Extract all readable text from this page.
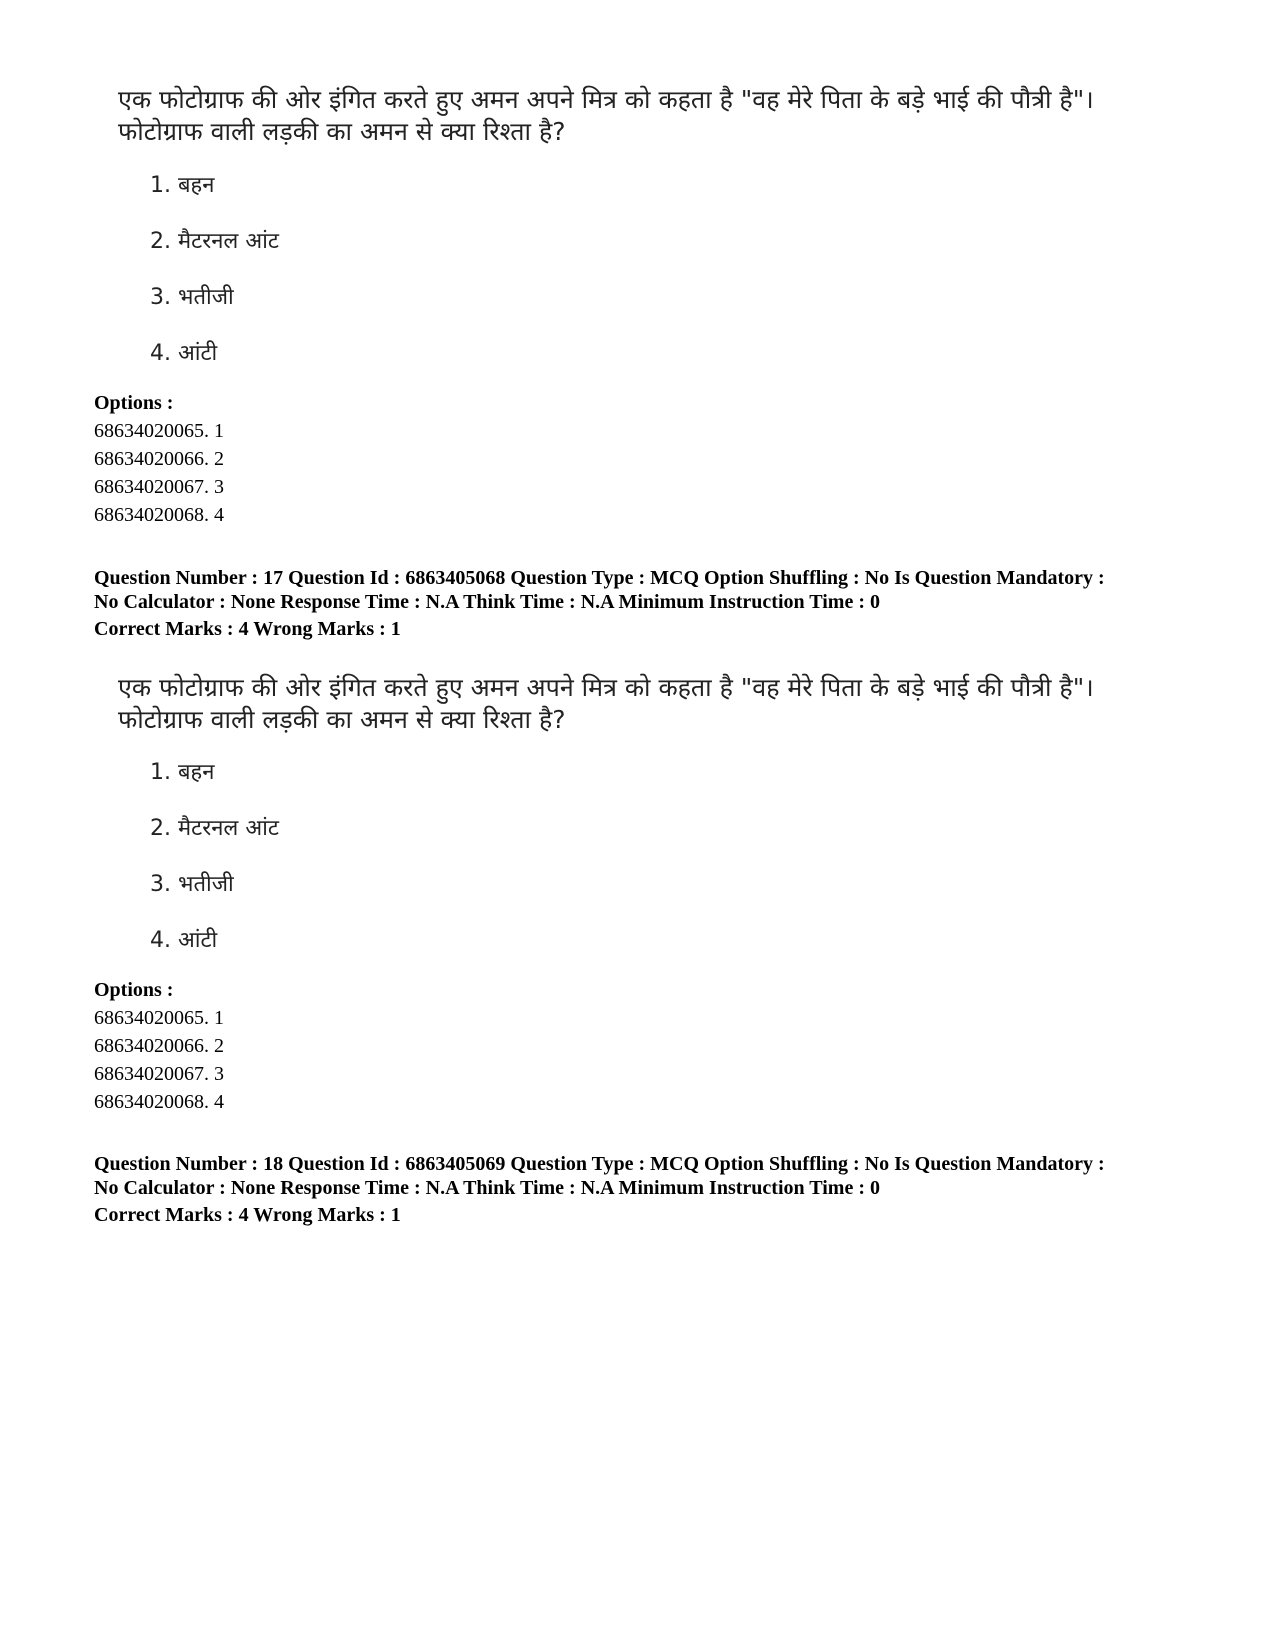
एक फोटोग्राफ की ओर इंगित करते हुए अमन अपने मित्र को कहता है "वह मेरे पिता के बड़े भाई की पौत्री है"।
फोटोग्राफ वाली लड़की का अमन से क्या रिश्ता है?
1. बहन
2. मैटरनल आंट
3. भतीजी
4. आंटी
Options :
68634020065. 1
68634020066. 2
68634020067. 3
68634020068. 4
Question Number : 17 Question Id : 6863405068 Question Type : MCQ Option Shuffling : No Is Question Mandatory :
No Calculator : None Response Time : N.A Think Time : N.A Minimum Instruction Time : 0
Correct Marks : 4 Wrong Marks : 1
एक फोटोग्राफ की ओर इंगित करते हुए अमन अपने मित्र को कहता है "वह मेरे पिता के बड़े भाई की पौत्री है"।
फोटोग्राफ वाली लड़की का अमन से क्या रिश्ता है?
1. बहन
2. मैटरनल आंट
3. भतीजी
4. आंटी
Options :
68634020065. 1
68634020066. 2
68634020067. 3
68634020068. 4
Question Number : 18 Question Id : 6863405069 Question Type : MCQ Option Shuffling : No Is Question Mandatory :
No Calculator : None Response Time : N.A Think Time : N.A Minimum Instruction Time : 0
Correct Marks : 4 Wrong Marks : 1
